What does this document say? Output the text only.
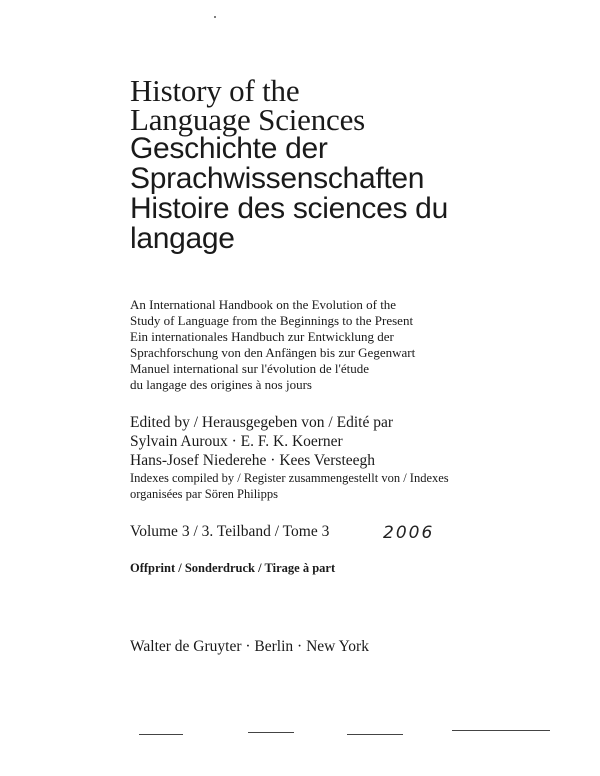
History of the
Language Sciences
Geschichte der
Sprachwissenschaften
Histoire des sciences du
langage
An International Handbook on the Evolution of the
Study of Language from the Beginnings to the Present
Ein internationales Handbuch zur Entwicklung der
Sprachforschung von den Anfängen bis zur Gegenwart
Manuel international sur l'évolution de l'étude
du langage des origines à nos jours
Edited by / Herausgegeben von / Edité par
Sylvain Auroux · E. F. K. Koerner
Hans-Josef Niederehe · Kees Versteegh
Indexes compiled by / Register zusammengestellt von / Indexes
organisées par Sören Philipps
Volume 3 / 3. Teilband / Tome 3	2006
Offprint / Sonderdruck / Tirage à part
Walter de Gruyter · Berlin · New York
